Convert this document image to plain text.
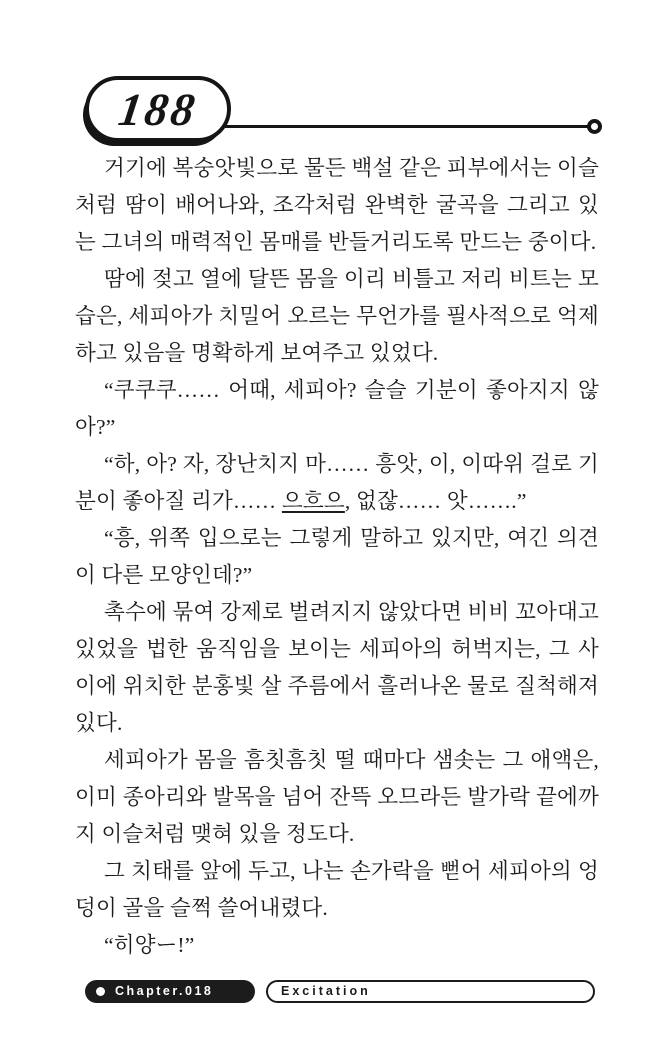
188

거기에 복숭앗빛으로 물든 백설 같은 피부에서는 이슬처럼 땀이 배어나와, 조각처럼 완벽한 굴곡을 그리고 있는 그녀의 매력적인 몸매를 반들거리도록 만드는 중이다.

땀에 젖고 열에 달뜬 몸을 이리 비틀고 저리 비트는 모습은, 세피아가 치밀어 오르는 무언가를 필사적으로 억제하고 있음을 명확하게 보여주고 있었다.

“쿠쿠쿠…… 어때, 세피아? 슬슬 기분이 좋아지지 않아?”

“하, 아? 자, 장난치지 마…… 흥앗, 이, 이따위 걸로 기분이 좋아질 리가…… 으흐으, 없잖…… 앗…….”

“흥, 위쪽 입으로는 그렇게 말하고 있지만, 여긴 의견이 다른 모양인데?”

촉수에 묶여 강제로 벌려지지 않았다면 비비 꼬아대고 있었을 법한 움직임을 보이는 세피아의 허벅지는, 그 사이에 위치한 분홍빛 살 주름에서 흘러나온 물로 질척해져 있다.

세피아가 몸을 흠칫흠칫 떨 때마다 샘솟는 그 애액은, 이미 종아리와 발목을 넘어 잔뜩 오므라든 발가락 끝에까지 이슬처럼 맺혀 있을 정도다.

그 치태를 앞에 두고, 나는 손가락을 뻗어 세피아의 엉덩이 골을 슬쩍 쓸어내렸다.

“히양ー!”

Chapter.018	Excitation
